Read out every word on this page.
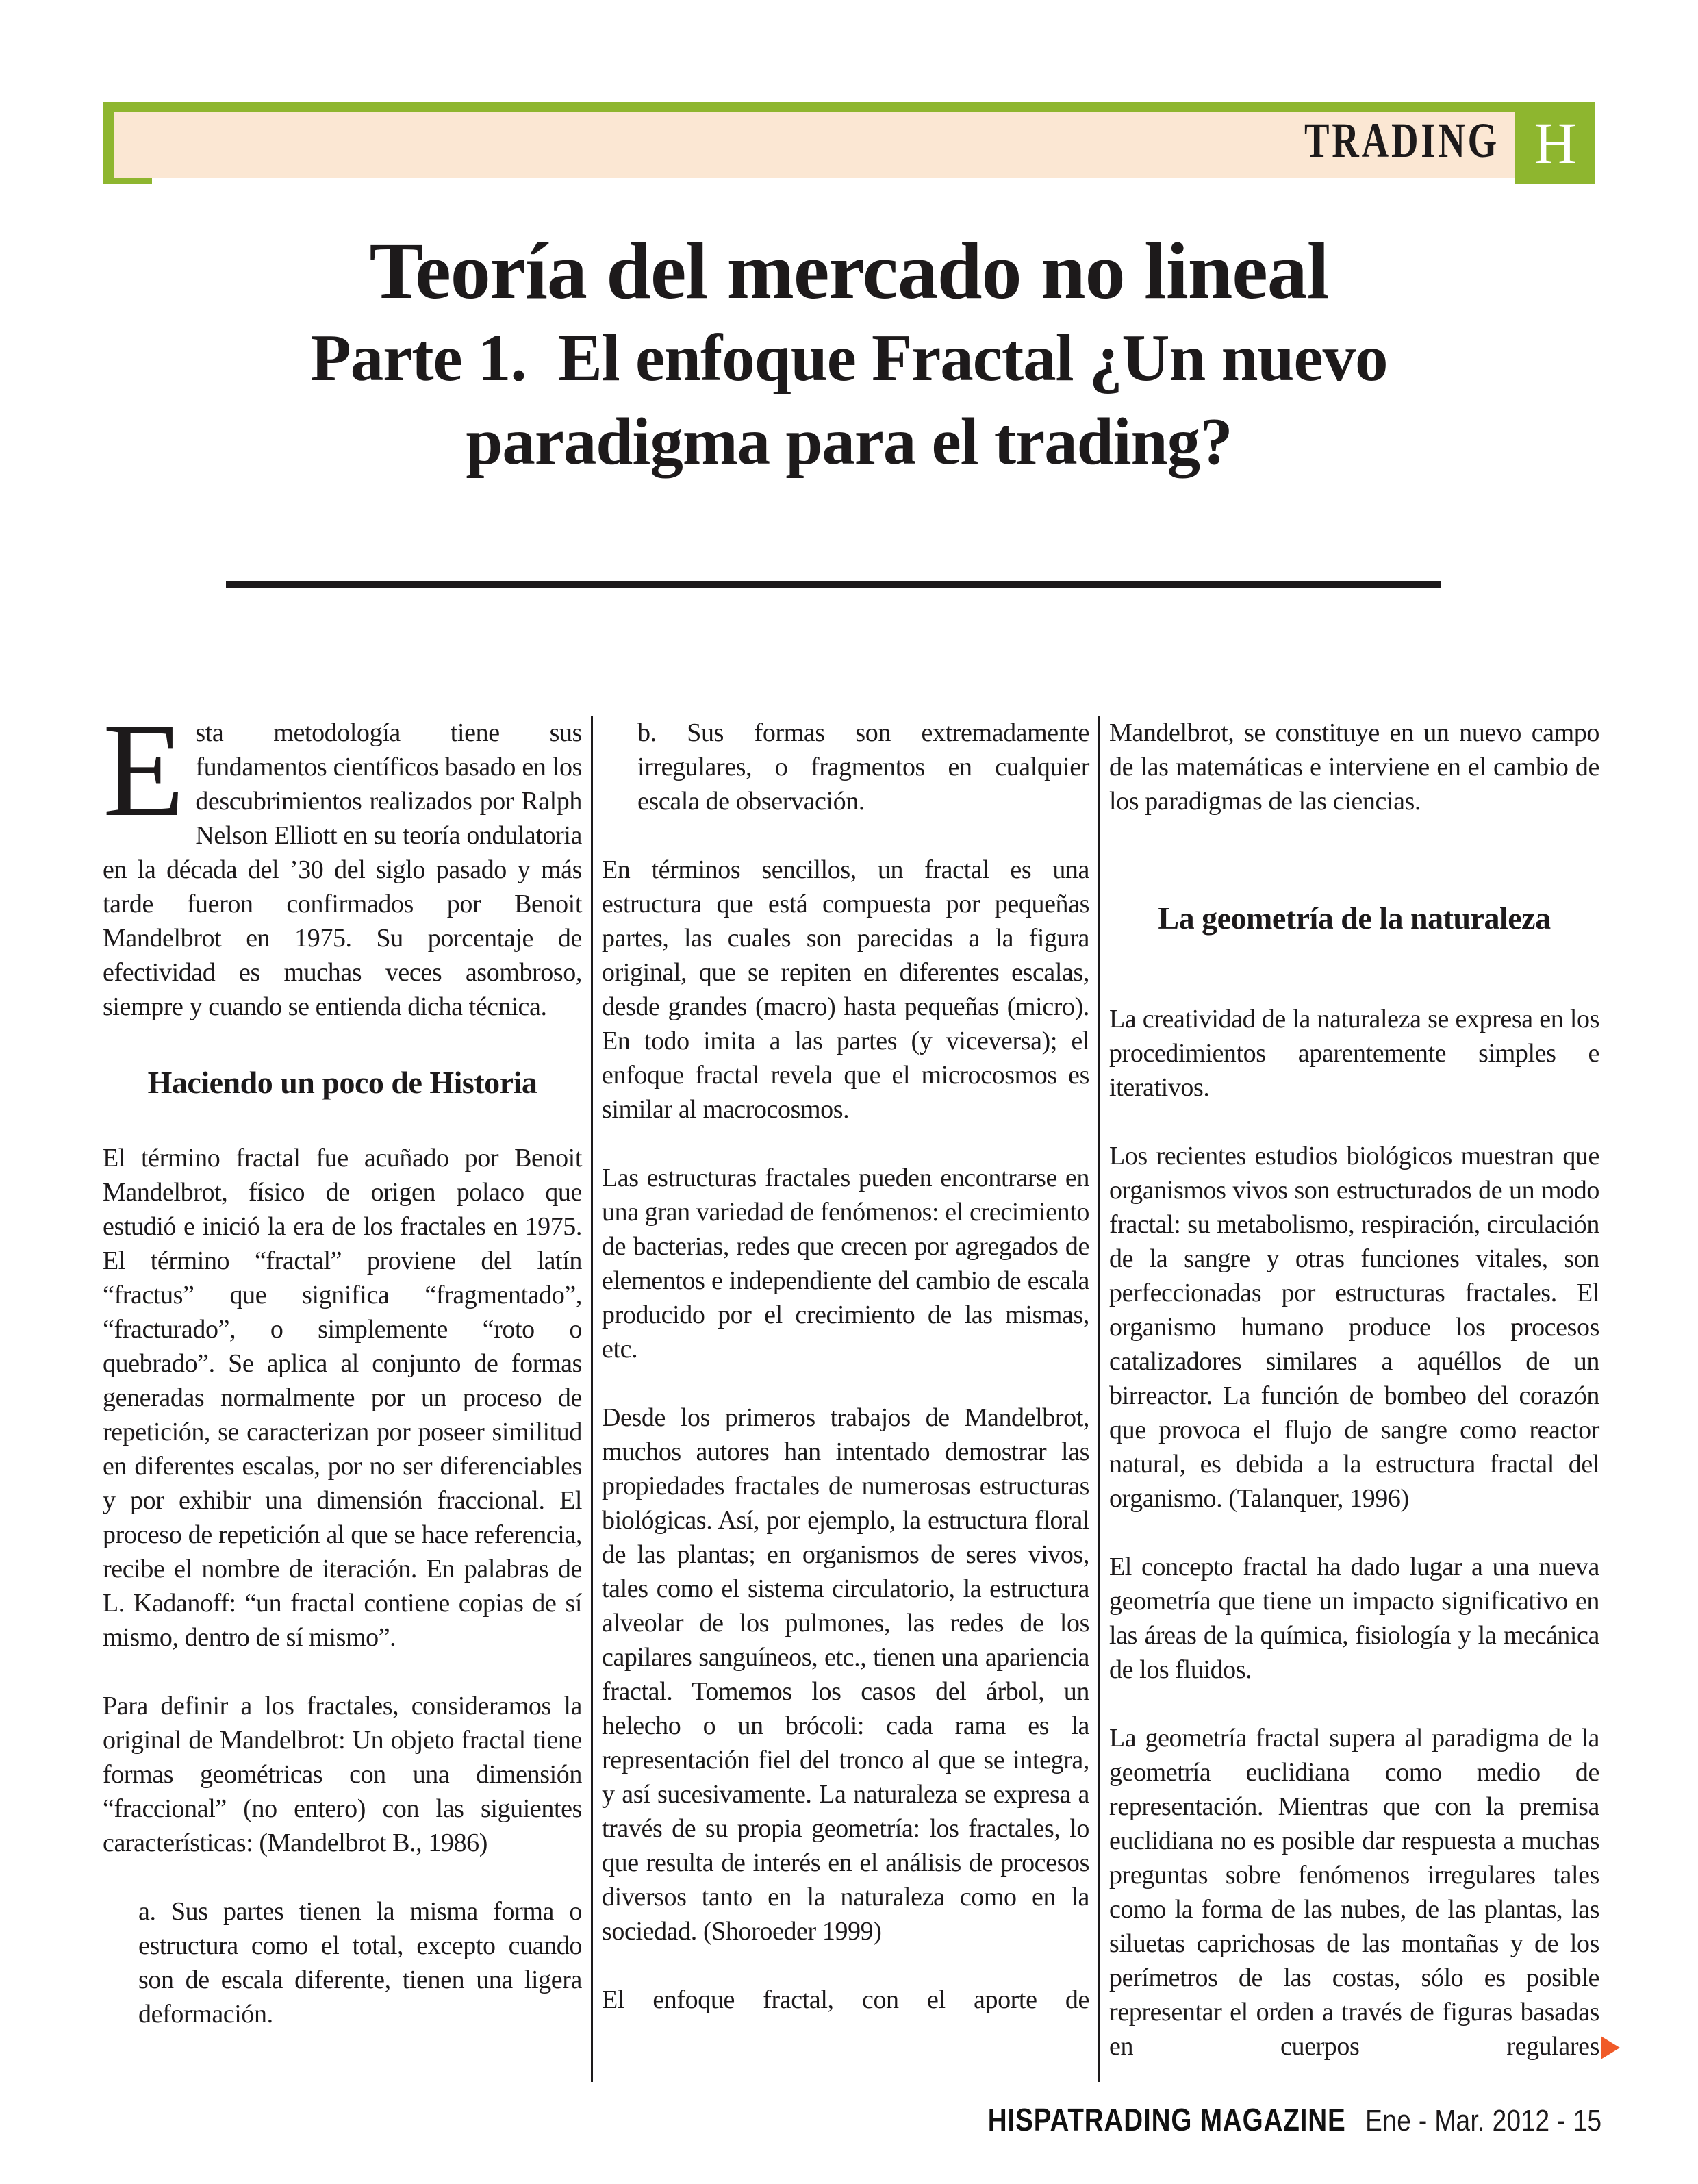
TRADING H
Teoría del mercado no lineal
Parte 1.  El enfoque Fractal ¿Un nuevo
paradigma para el trading?

Esta metodología tiene sus fundamentos científicos basado en los descubrimientos realizados por Ralph Nelson Elliott en su teoría ondulatoria en la década del ’30 del siglo pasado y más tarde fueron confirmados por Benoit Mandelbrot en 1975. Su porcentaje de efectividad es muchas veces asombroso, siempre y cuando se entienda dicha técnica.

Haciendo un poco de Historia

El término fractal fue acuñado por Benoit Mandelbrot, físico de origen polaco que estudió e inició la era de los fractales en 1975. El término “fractal” proviene del latín “fractus” que significa “fragmentado”, “fracturado”, o simplemente “roto o quebrado”. Se aplica al conjunto de formas generadas normalmente por un proceso de repetición, se caracterizan por poseer similitud en diferentes escalas, por no ser diferenciables y por exhibir una dimensión fraccional. El proceso de repetición al que se hace referencia, recibe el nombre de iteración. En palabras de L. Kadanoff: “un fractal contiene copias de sí mismo, dentro de sí mismo”.

Para definir a los fractales, consideramos la original de Mandelbrot: Un objeto fractal tiene formas geométricas con una dimensión “fraccional” (no entero) con las siguientes características: (Mandelbrot B., 1986)

a. Sus partes tienen la misma forma o estructura como el total, excepto cuando son de escala diferente, tienen una ligera deformación.

b. Sus formas son extremadamente irregulares, o fragmentos en cualquier escala de observación.

En términos sencillos, un fractal es una estructura que está compuesta por pequeñas partes, las cuales son parecidas a la figura original, que se repiten en diferentes escalas, desde grandes (macro) hasta pequeñas (micro). En todo imita a las partes (y viceversa); el enfoque fractal revela que el microcosmos es similar al macrocosmos.

Las estructuras fractales pueden encontrarse en una gran variedad de fenómenos: el crecimiento de bacterias, redes que crecen por agregados de elementos e independiente del cambio de escala producido por el crecimiento de las mismas, etc.

Desde los primeros trabajos de Mandelbrot, muchos autores han intentado demostrar las propiedades fractales de numerosas estructuras biológicas. Así, por ejemplo, la estructura floral de las plantas; en organismos de seres vivos, tales como el sistema circulatorio, la estructura alveolar de los pulmones, las redes de los capilares sanguíneos, etc., tienen una apariencia fractal. Tomemos los casos del árbol, un helecho o un brócoli: cada rama es la representación fiel del tronco al que se integra, y así sucesivamente. La naturaleza se expresa a través de su propia geometría: los fractales, lo que resulta de interés en el análisis de procesos diversos tanto en la naturaleza como en la sociedad. (Shoroeder 1999)

El enfoque fractal, con el aporte de

Mandelbrot, se constituye en un nuevo campo de las matemáticas e interviene en el cambio de los paradigmas de las ciencias.

La geometría de la naturaleza

La creatividad de la naturaleza se expresa en los procedimientos aparentemente simples e iterativos.

Los recientes estudios biológicos muestran que organismos vivos son estructurados de un modo fractal: su metabolismo, respiración, circulación de la sangre y otras funciones vitales, son perfeccionadas por estructuras fractales. El organismo humano produce los procesos catalizadores similares a aquéllos de un birreactor. La función de bombeo del corazón que provoca el flujo de sangre como reactor natural, es debida a la estructura fractal del organismo. (Talanquer, 1996)

El concepto fractal ha dado lugar a una nueva geometría que tiene un impacto significativo en las áreas de la química, fisiología y la mecánica de los fluidos.

La geometría fractal supera al paradigma de la geometría euclidiana como medio de representación. Mientras que con la premisa euclidiana no es posible dar respuesta a muchas preguntas sobre fenómenos irregulares tales como la forma de las nubes, de las plantas, las siluetas caprichosas de las montañas y de los perímetros de las costas, sólo es posible representar el orden a través de figuras basadas en cuerpos regulares

HISPATRADING MAGAZINE Ene - Mar. 2012 - 15
